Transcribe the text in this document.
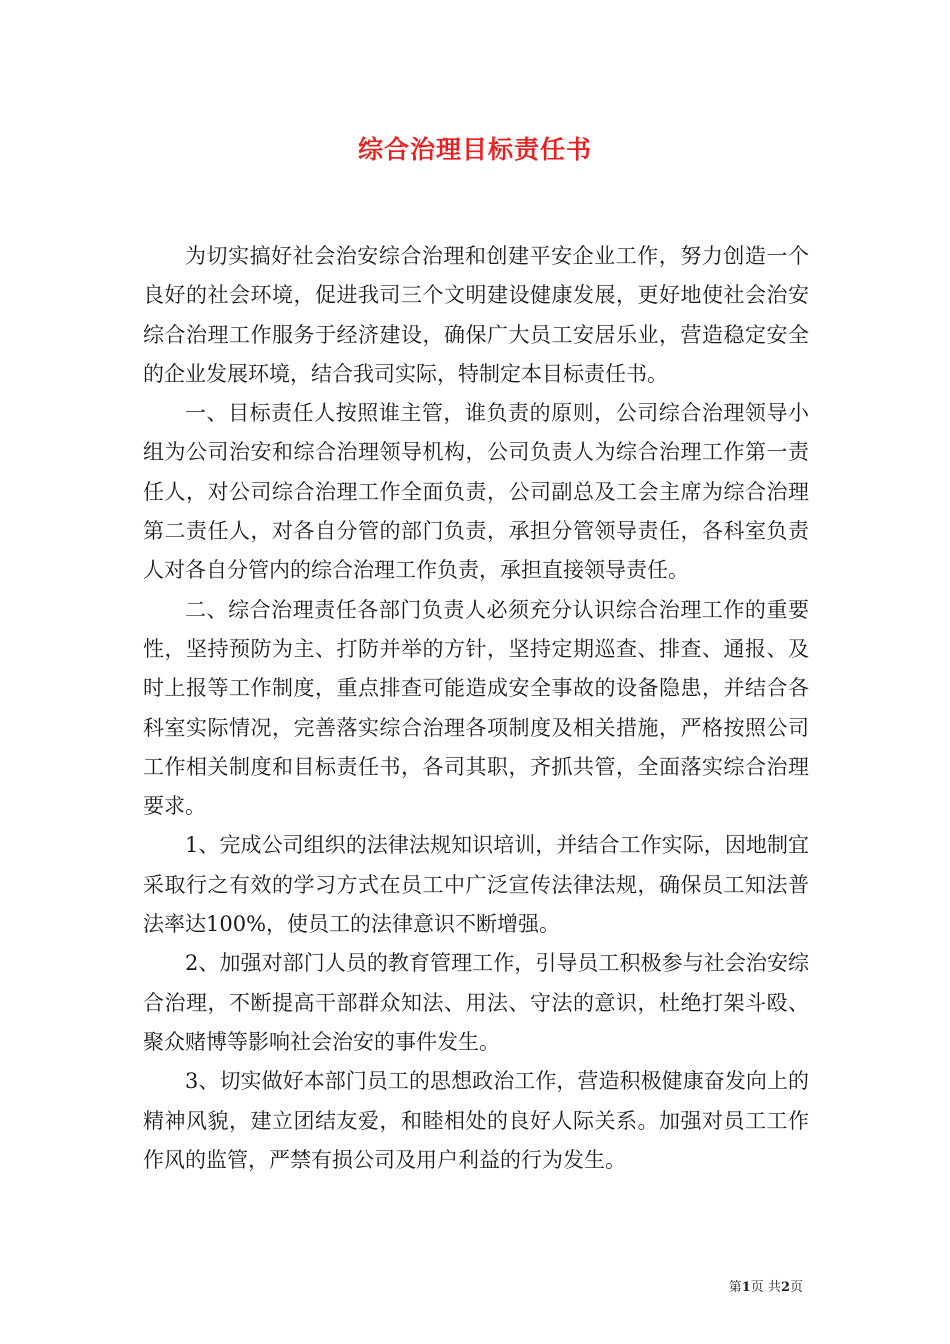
综合治理目标责任书

为切实搞好社会治安综合治理和创建平安企业工作，努力创造一个良好的社会环境，促进我司三个文明建设健康发展，更好地使社会治安综合治理工作服务于经济建设，确保广大员工安居乐业，营造稳定安全的企业发展环境，结合我司实际，特制定本目标责任书。

一、目标责任人按照谁主管，谁负责的原则，公司综合治理领导小组为公司治安和综合治理领导机构，公司负责人为综合治理工作第一责任人，对公司综合治理工作全面负责，公司副总及工会主席为综合治理第二责任人，对各自分管的部门负责，承担分管领导责任，各科室负责人对各自分管内的综合治理工作负责，承担直接领导责任。

二、综合治理责任各部门负责人必须充分认识综合治理工作的重要性，坚持预防为主、打防并举的方针，坚持定期巡查、排查、通报、及时上报等工作制度，重点排查可能造成安全事故的设备隐患，并结合各科室实际情况，完善落实综合治理各项制度及相关措施，严格按照公司工作相关制度和目标责任书，各司其职，齐抓共管，全面落实综合治理要求。

1、完成公司组织的法律法规知识培训，并结合工作实际，因地制宜采取行之有效的学习方式在员工中广泛宣传法律法规，确保员工知法普法率达100%，使员工的法律意识不断增强。

2、加强对部门人员的教育管理工作，引导员工积极参与社会治安综合治理，不断提高干部群众知法、用法、守法的意识，杜绝打架斗殴、聚众赌博等影响社会治安的事件发生。

3、切实做好本部门员工的思想政治工作，营造积极健康奋发向上的精神风貌，建立团结友爱，和睦相处的良好人际关系。加强对员工工作作风的监管，严禁有损公司及用户利益的行为发生。

第1页 共2页
